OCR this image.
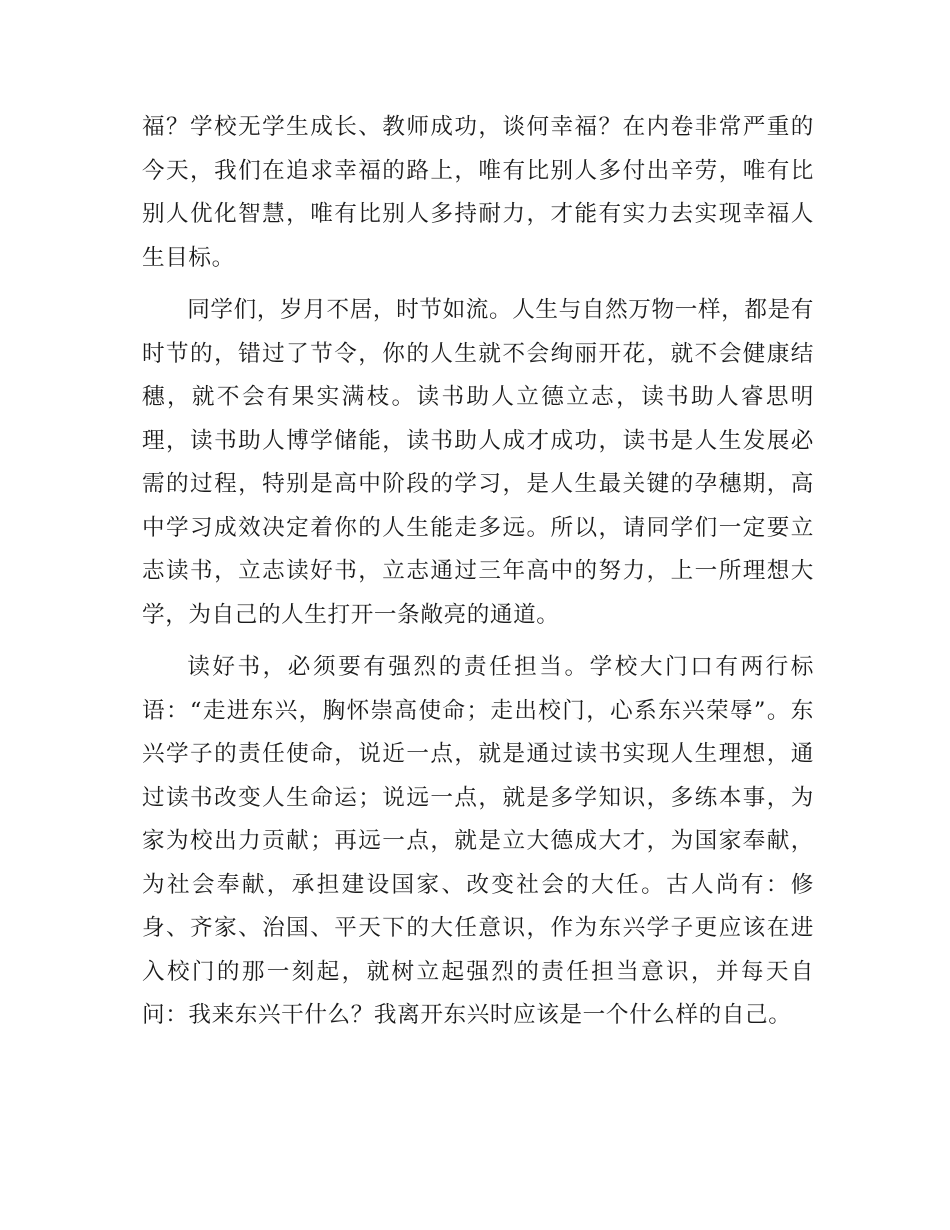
福？学校无学生成长、教师成功，谈何幸福？在内卷非常严重的今天，我们在追求幸福的路上，唯有比别人多付出辛劳，唯有比别人优化智慧，唯有比别人多持耐力，才能有实力去实现幸福人生目标。

同学们，岁月不居，时节如流。人生与自然万物一样，都是有时节的，错过了节令，你的人生就不会绚丽开花，就不会健康结穗，就不会有果实满枝。读书助人立德立志，读书助人睿思明理，读书助人博学储能，读书助人成才成功，读书是人生发展必需的过程，特别是高中阶段的学习，是人生最关键的孕穗期，高中学习成效决定着你的人生能走多远。所以，请同学们一定要立志读书，立志读好书，立志通过三年高中的努力，上一所理想大学，为自己的人生打开一条敞亮的通道。

读好书，必须要有强烈的责任担当。学校大门口有两行标语：“走进东兴，胸怀崇高使命；走出校门，心系东兴荣辱”。东兴学子的责任使命，说近一点，就是通过读书实现人生理想，通过读书改变人生命运；说远一点，就是多学知识，多练本事，为家为校出力贡献；再远一点，就是立大德成大才，为国家奉献，为社会奉献，承担建设国家、改变社会的大任。古人尚有：修身、齐家、治国、平天下的大任意识，作为东兴学子更应该在进入校门的那一刻起，就树立起强烈的责任担当意识，并每天自问：我来东兴干什么？我离开东兴时应该是一个什么样的自己。
